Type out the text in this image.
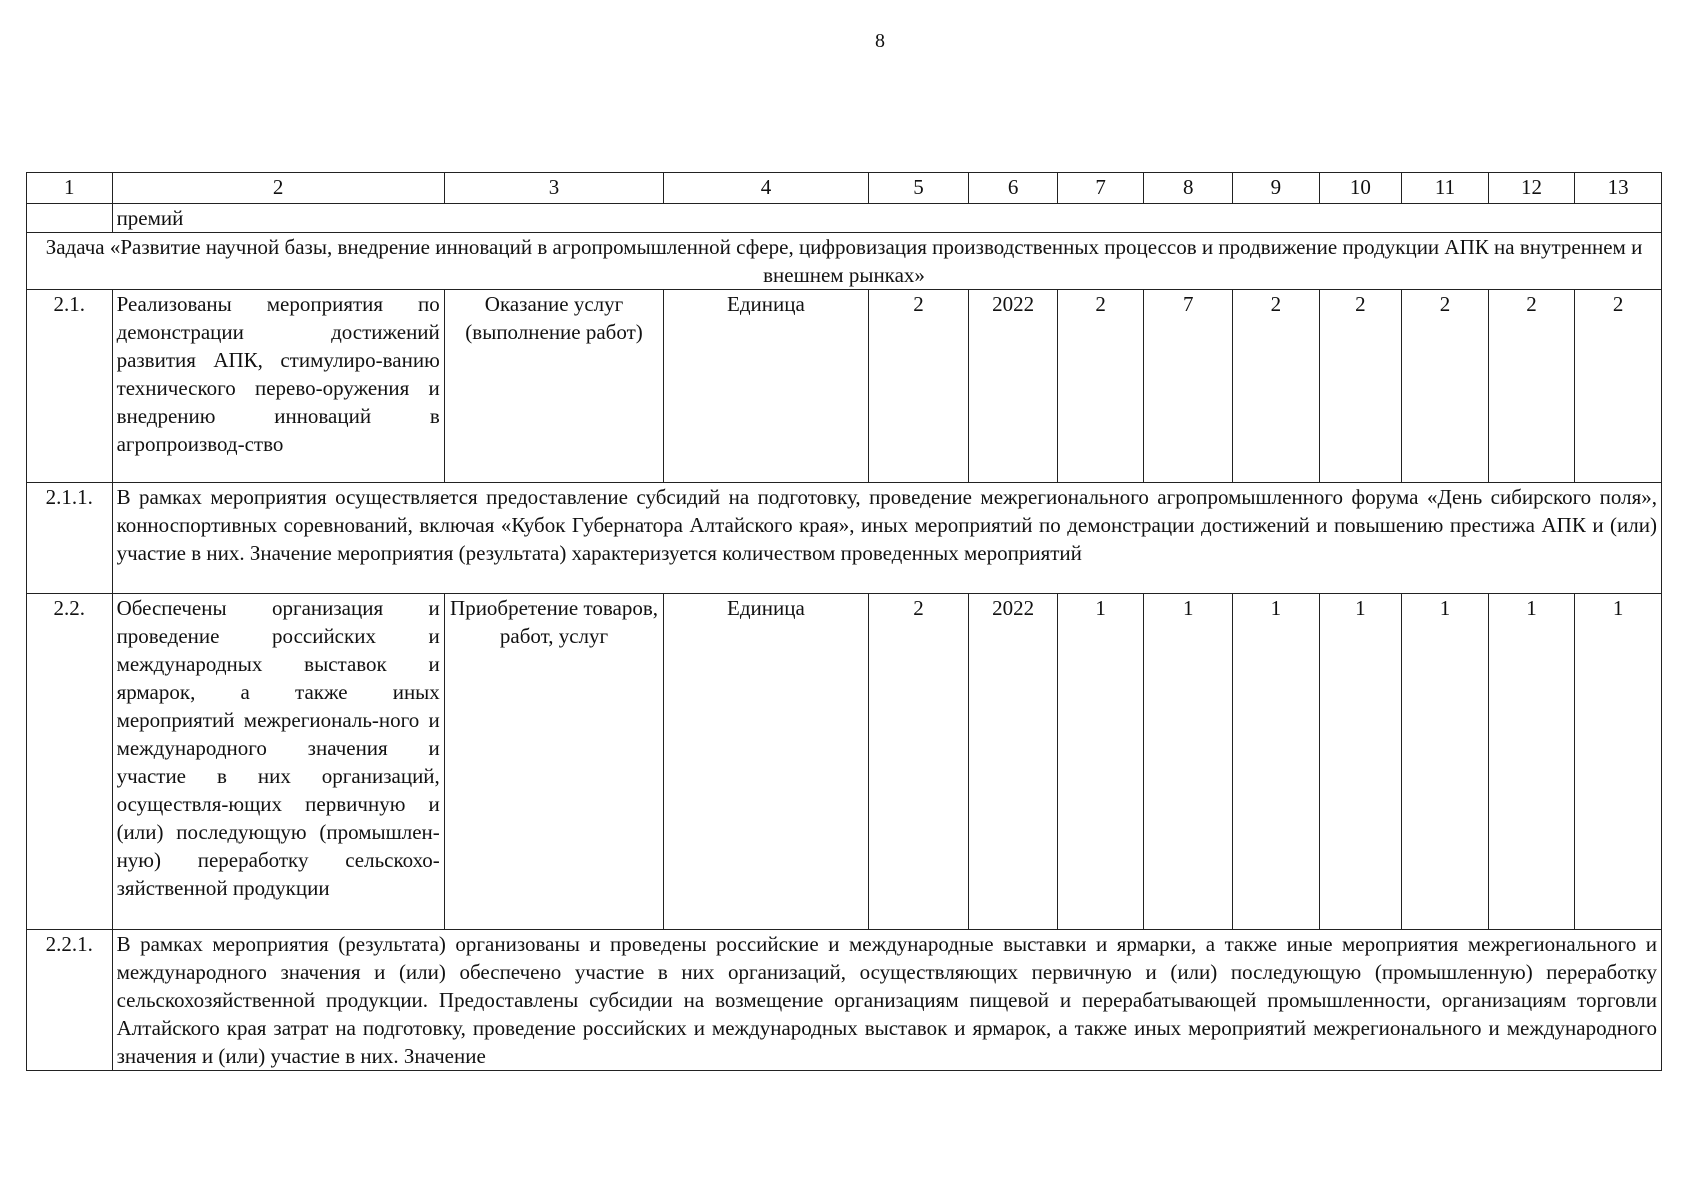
8
1	2	3	4	5	6	7	8	9	10	11	12	13
	премий											
Задача «Развитие научной базы, внедрение инноваций в агропромышленной сфере, цифровизация производственных процессов и продвижение продукции АПК на внутреннем и внешнем рынках»												
2.1.	Реализованы мероприятия по демонстрации достижений развития АПК, стимулиро-ванию технического перево-оружения и внедрению инноваций в агропроизвод-ство	Оказание услуг (выполнение работ)	Единица	2	2022	2	7	2	2	2	2	2
2.1.1.	В рамках мероприятия осуществляется предоставление субсидий на подготовку, проведение межрегионального агропромышленного форума «День сибирского поля», конноспортивных соревнований, включая «Кубок Губернатора Алтайского края», иных мероприятий по демонстрации достижений и повышению престижа АПК и (или) участие в них. Значение мероприятия (результата) характеризуется количеством проведенных мероприятий											
2.2.	Обеспечены организация и проведение российских и международных выставок и ярмарок, а также иных мероприятий межрегиональ-ного и международного значения и участие в них организаций, осуществля-ющих первичную и (или) последующую (промышлен-ную) переработку сельскохо-зяйственной продукции	Приобретение товаров, работ, услуг	Единица	2	2022	1	1	1	1	1	1	1
2.2.1.	В рамках мероприятия (результата) организованы и проведены российские и международные выставки и ярмарки, а также иные мероприятия межрегионального и международного значения и (или) обеспечено участие в них организаций, осуществляющих первичную и (или) последующую (промышленную) переработку сельскохозяйственной продукции. Предоставлены субсидии на возмещение организациям пищевой и перерабатывающей промышленности, организациям торговли Алтайского края затрат на подготовку, проведение российских и международных выставок и ярмарок, а также иных мероприятий межрегионального и международного значения и (или) участие в них. Значение											
